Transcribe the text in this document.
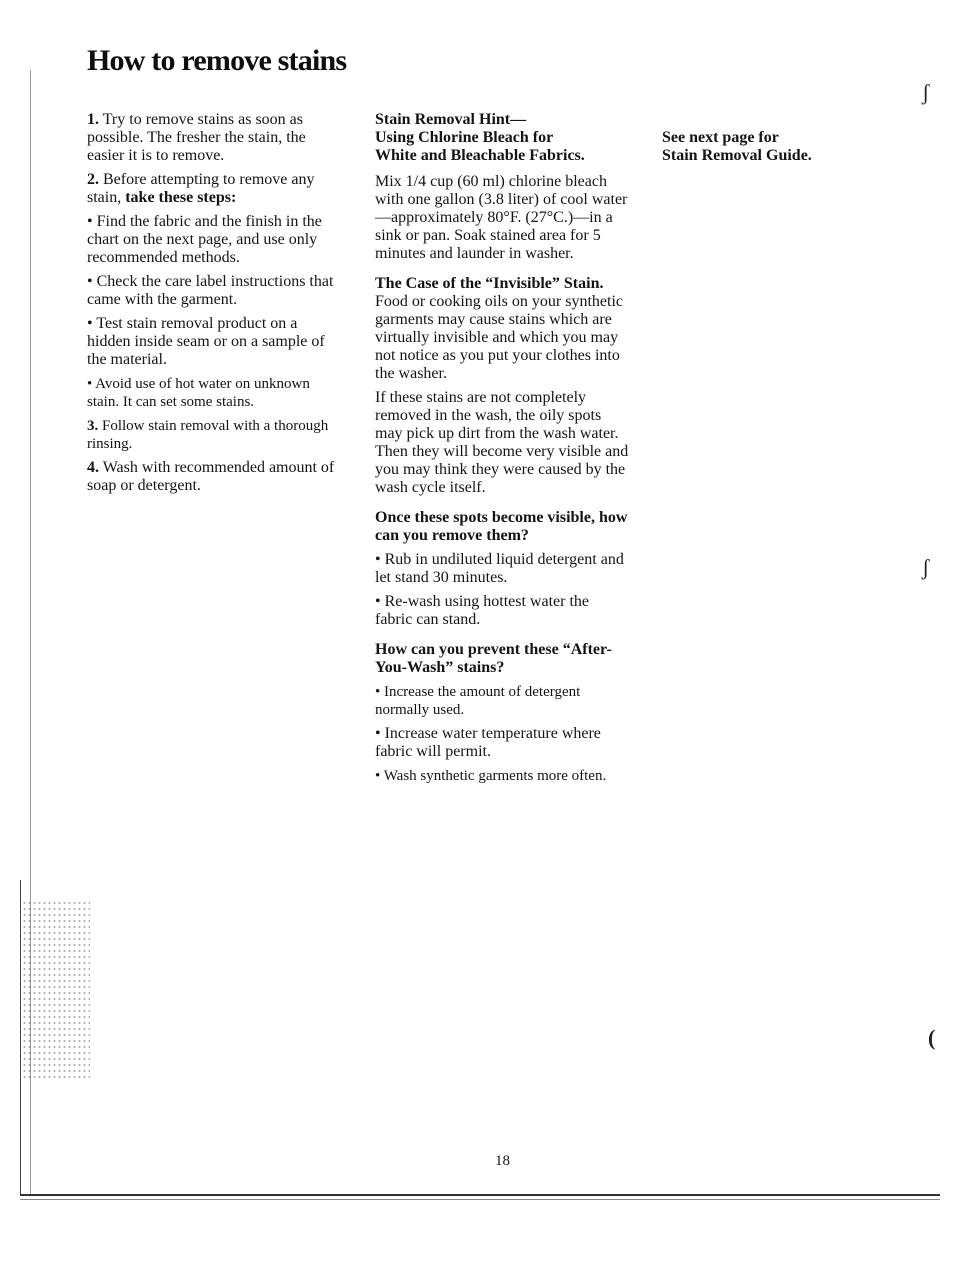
ʃ
ʃ
(
How to remove stains

1. Try to remove stains as soon as possible. The fresher the stain, the easier it is to remove.

2. Before attempting to remove any stain, take these steps:

• Find the fabric and the finish in the chart on the next page, and use only recommended methods.

• Check the care label instructions that came with the garment.

• Test stain removal product on a hidden inside seam or on a sample of the material.

• Avoid use of hot water on unknown stain. It can set some stains.

3. Follow stain removal with a thorough rinsing.

4. Wash with recommended amount of soap or detergent.

Stain Removal Hint—
Using Chlorine Bleach for
White and Bleachable Fabrics.

Mix 1/4 cup (60 ml) chlorine bleach with one gallon (3.8 liter) of cool water—approximately 80°F. (27°C.)—in a sink or pan. Soak stained area for 5 minutes and launder in washer.

The Case of the “Invisible” Stain.

Food or cooking oils on your synthetic garments may cause stains which are virtually invisible and which you may not notice as you put your clothes into the washer.

If these stains are not completely removed in the wash, the oily spots may pick up dirt from the wash water. Then they will become very visible and you may think they were caused by the wash cycle itself.

Once these spots become visible, how can you remove them?

• Rub in undiluted liquid detergent and let stand 30 minutes.

• Re-wash using hottest water the fabric can stand.

How can you prevent these “After-You-Wash” stains?

• Increase the amount of detergent normally used.

• Increase water temperature where fabric will permit.

• Wash synthetic garments more often.

See next page for
Stain Removal Guide.
18
